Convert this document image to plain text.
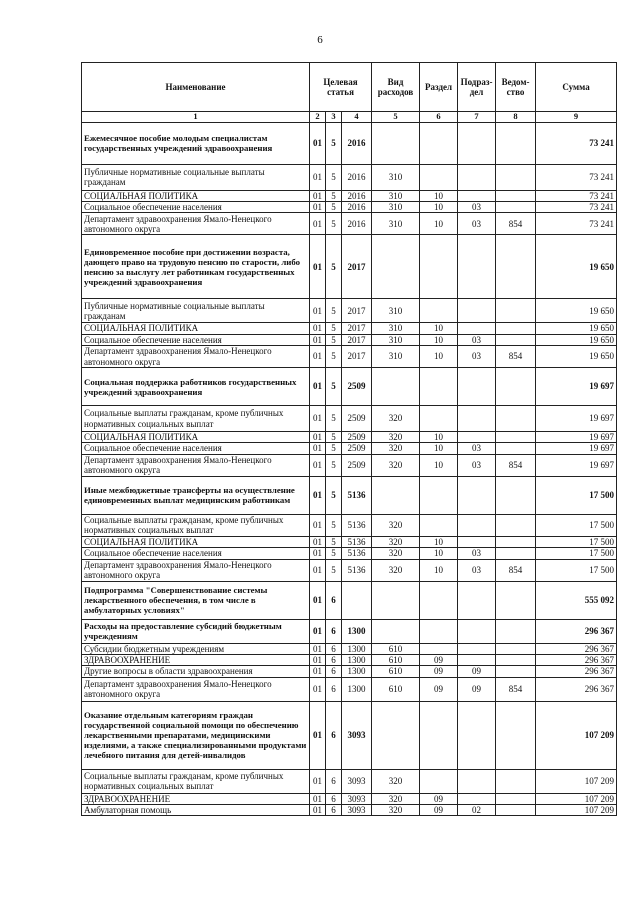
6
Наименование	Целевая статья			Вид расходов	Раздел	Подраз-дел	Ведом-ство	Сумма
1	2	3	4	5	6	7	8	9
Ежемесячное пособие молодым специалистам государственных учреждений здравоохранения	01	5	2016					73 241
Публичные нормативные социальные выплаты гражданам	01	5	2016	310				73 241
СОЦИАЛЬНАЯ ПОЛИТИКА	01	5	2016	310	10			73 241
Социальное обеспечение населения	01	5	2016	310	10	03		73 241
Департамент здравоохранения Ямало-Ненецкого автономного округа	01	5	2016	310	10	03	854	73 241
Единовременное пособие при достижении возраста, дающего право на трудовую пенсию по старости, либо пенсию за выслугу лет работникам государственных учреждений здравоохранения	01	5	2017					19 650
Публичные нормативные социальные выплаты гражданам	01	5	2017	310				19 650
СОЦИАЛЬНАЯ ПОЛИТИКА	01	5	2017	310	10			19 650
Социальное обеспечение населения	01	5	2017	310	10	03		19 650
Департамент здравоохранения Ямало-Ненецкого автономного округа	01	5	2017	310	10	03	854	19 650
Социальная поддержка работников государственных учреждений здравоохранения	01	5	2509					19 697
Социальные выплаты гражданам, кроме публичных нормативных социальных выплат	01	5	2509	320				19 697
СОЦИАЛЬНАЯ ПОЛИТИКА	01	5	2509	320	10			19 697
Социальное обеспечение населения	01	5	2509	320	10	03		19 697
Департамент здравоохранения Ямало-Ненецкого автономного округа	01	5	2509	320	10	03	854	19 697
Иные межбюджетные трансферты на осуществление единовременных выплат медицинским работникам	01	5	5136					17 500
Социальные выплаты гражданам, кроме публичных нормативных социальных выплат	01	5	5136	320				17 500
СОЦИАЛЬНАЯ ПОЛИТИКА	01	5	5136	320	10			17 500
Социальное обеспечение населения	01	5	5136	320	10	03		17 500
Департамент здравоохранения Ямало-Ненецкого автономного округа	01	5	5136	320	10	03	854	17 500
Подпрограмма "Совершенствование системы лекарственного обеспечения, в том числе в амбулаторных условиях"	01	6						555 092
Расходы на предоставление субсидий бюджетным учреждениям	01	6	1300					296 367
Субсидии бюджетным учреждениям	01	6	1300	610				296 367
ЗДРАВООХРАНЕНИЕ	01	6	1300	610	09			296 367
Другие вопросы в области здравоохранения	01	6	1300	610	09	09		296 367
Департамент здравоохранения Ямало-Ненецкого автономного округа	01	6	1300	610	09	09	854	296 367
Оказание отдельным категориям граждан государственной социальной помощи по обеспечению лекарственными препаратами, медицинскими изделиями, а также специализированными продуктами лечебного питания для детей-инвалидов	01	6	3093					107 209
Социальные выплаты гражданам, кроме публичных нормативных социальных выплат	01	6	3093	320				107 209
ЗДРАВООХРАНЕНИЕ	01	6	3093	320	09			107 209
Амбулаторная помощь	01	6	3093	320	09	02		107 209
